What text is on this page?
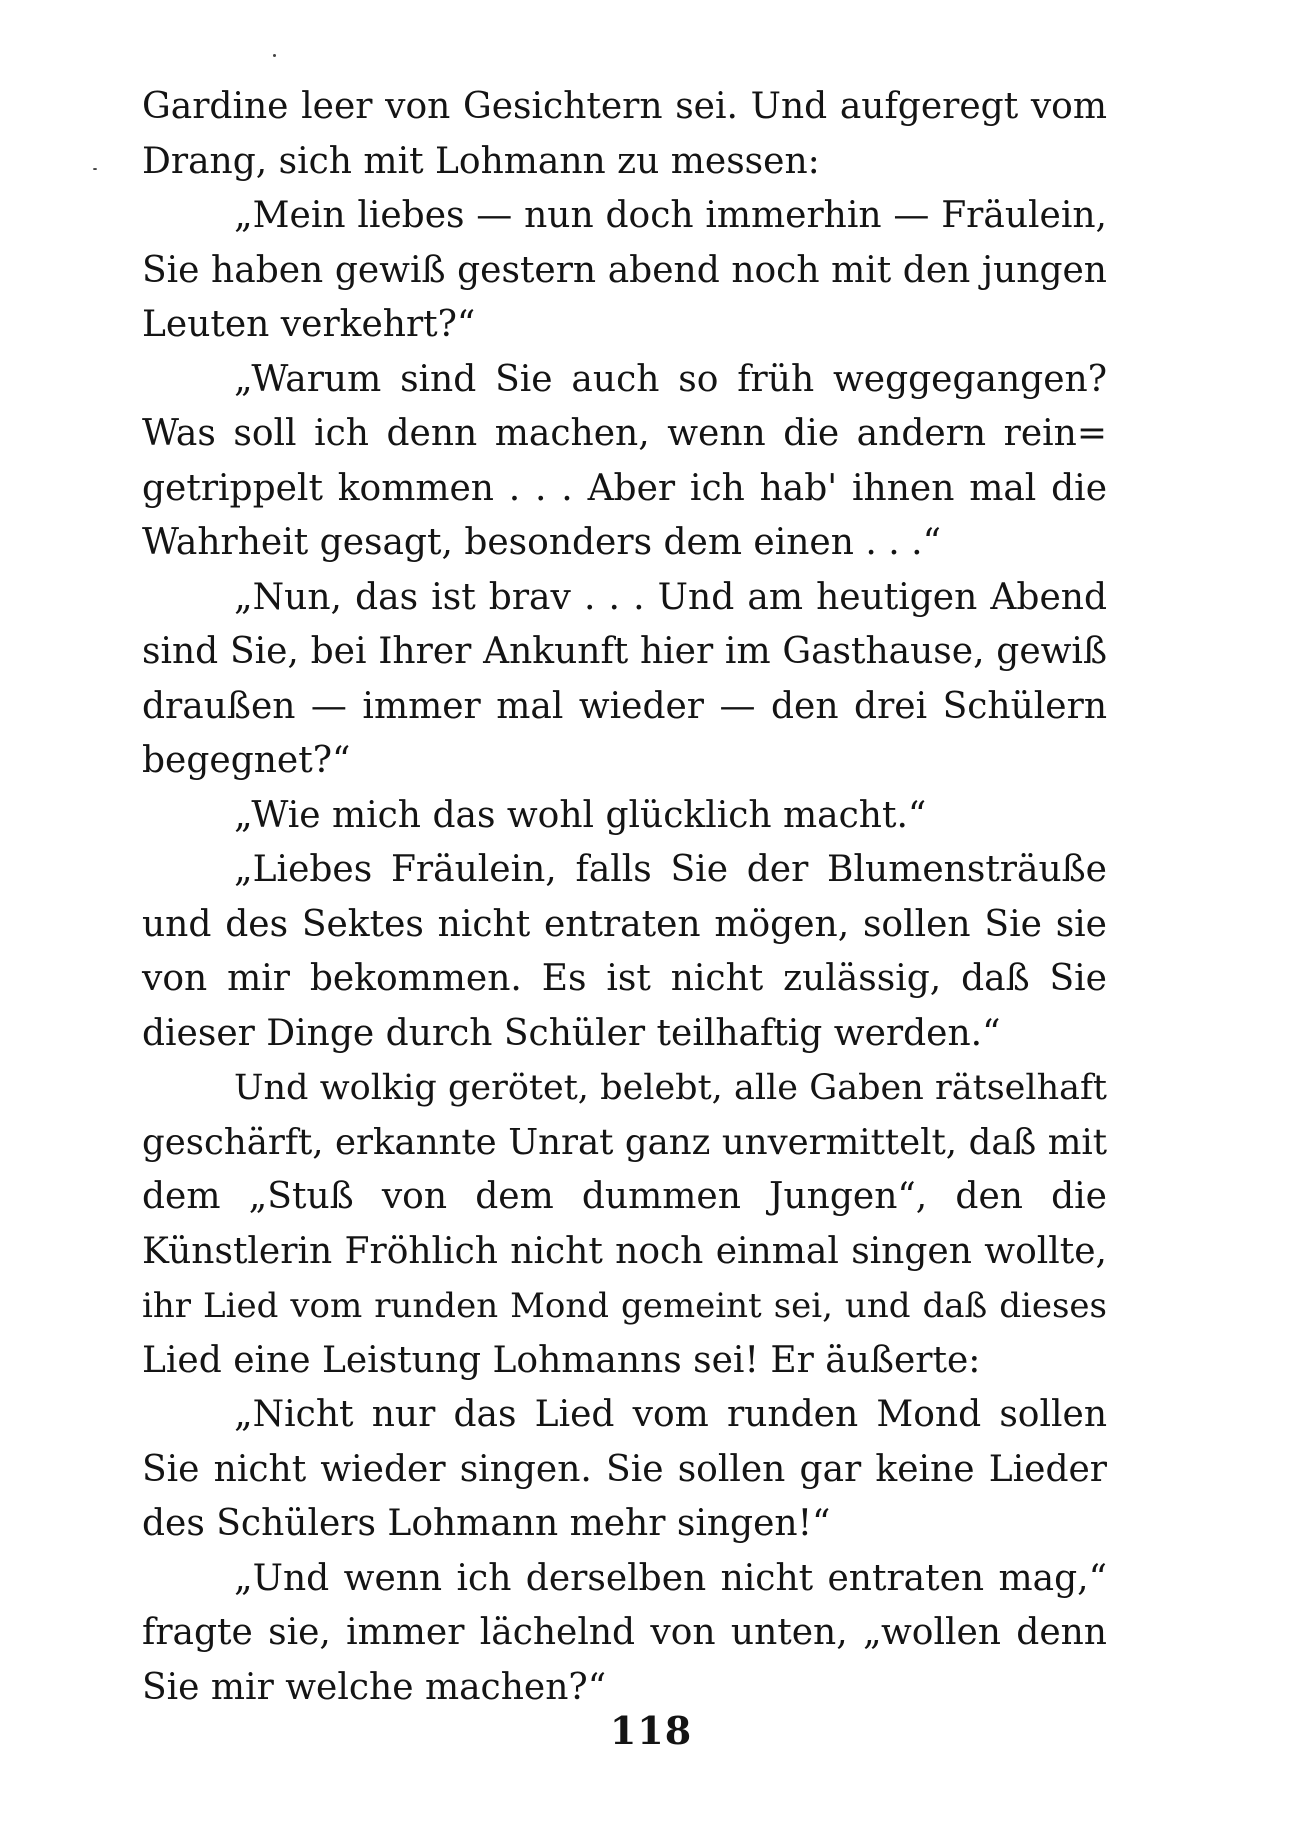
Gardine leer von Gesichtern sei. Und aufgeregt vom
Drang, sich mit Lohmann zu messen:
„Mein liebes — nun doch immerhin — Fräulein,
Sie haben gewiß gestern abend noch mit den jungen
Leuten verkehrt?“
„Warum sind Sie auch so früh weggegangen?
Was soll ich denn machen, wenn die andern rein=
getrippelt kommen . . . Aber ich hab' ihnen mal die
Wahrheit gesagt, besonders dem einen . . .“
„Nun, das ist brav . . . Und am heutigen Abend
sind Sie, bei Ihrer Ankunft hier im Gasthause, gewiß
draußen — immer mal wieder — den drei Schülern
begegnet?“
„Wie mich das wohl glücklich macht.“
„Liebes Fräulein, falls Sie der Blumensträuße
und des Sektes nicht entraten mögen, sollen Sie sie
von mir bekommen. Es ist nicht zulässig, daß Sie
dieser Dinge durch Schüler teilhaftig werden.“
Und wolkig gerötet, belebt, alle Gaben rätselhaft
geschärft, erkannte Unrat ganz unvermittelt, daß mit
dem „Stuß von dem dummen Jungen“, den die
Künstlerin Fröhlich nicht noch einmal singen wollte,
ihr Lied vom runden Mond gemeint sei, und daß dieses
Lied eine Leistung Lohmanns sei! Er äußerte:
„Nicht nur das Lied vom runden Mond sollen
Sie nicht wieder singen. Sie sollen gar keine Lieder
des Schülers Lohmann mehr singen!“
„Und wenn ich derselben nicht entraten mag,“
fragte sie, immer lächelnd von unten, „wollen denn
Sie mir welche machen?“
118
